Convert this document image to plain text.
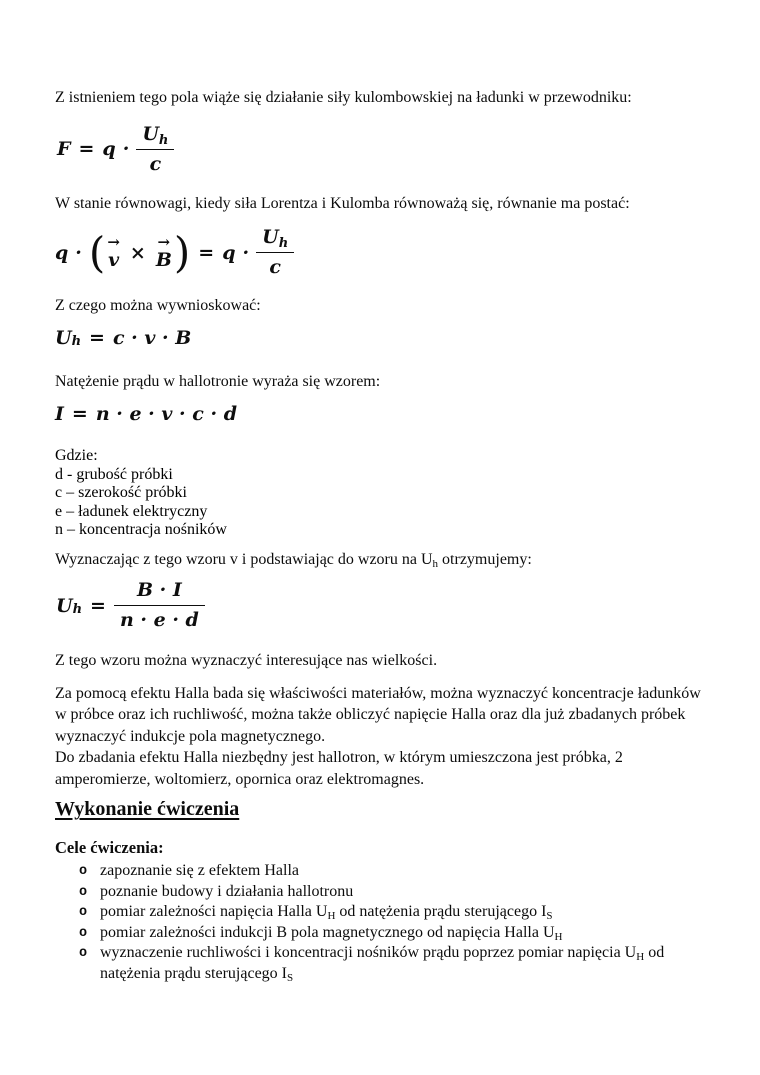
Z istnieniem tego pola wiąże się działanie siły kulombowskiej na ładunki w przewodniku:

$F = q \cdot \frac{U_h}{c}$

W stanie równowagi, kiedy siła Lorentza i Kulomba równoważą się, równanie ma postać:

q · ( →
v × →
B ) = $q \cdot \frac{U_h}{c}$

Z czego można wywnioskować:

U h = c · v · B

Natężenie prądu w hallotronie wyraża się wzorem:

I = n · e · v · c · d
Gdzie:
d - grubość próbki
c – szerokość próbki
e – ładunek elektryczny
n – koncentracja nośników

Wyznaczając z tego wzoru v i podstawiając do wzoru na Uh otrzymujemy:

U $h = \frac{B \cdot I}{n \cdot e \cdot d}$

Z tego wzoru można wyznaczyć interesujące nas wielkości.

Za pomocą efektu Halla bada się właściwości materiałów, można wyznaczyć koncentracje ładunków w próbce oraz ich ruchliwość, można także obliczyć napięcie Halla oraz dla już zbadanych próbek wyznaczyć indukcje pola magnetycznego.

Do zbadania efektu Halla niezbędny jest hallotron, w którym umieszczona jest próbka, 2 amperomierze, woltomierz, opornica oraz elektromagnes.

Wykonanie ćwiczenia

Cele ćwiczenia:

o zapoznanie się z efektem Halla
o poznanie budowy i działania hallotronu
o pomiar zależności napięcia Halla UH od natężenia prądu sterującego IS
o pomiar zależności indukcji B pola magnetycznego od napięcia Halla UH
o wyznaczenie ruchliwości i koncentracji nośników prądu poprzez pomiar napięcia UH od natężenia prądu sterującego IS
